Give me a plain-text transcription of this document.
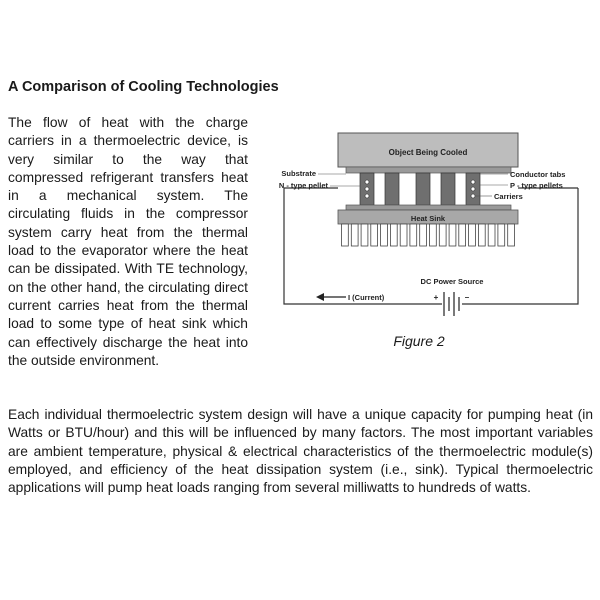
A Comparison of Cooling Technologies

The flow of heat with the charge carriers in a thermoelectric device, is very similar to the way that compressed refrigerant transfers heat in a mechanical system. The circulating fluids in the compressor system carry heat from the thermal load to the evaporator where the heat can be dissipated. With TE technology, on the other hand, the circulating direct current carries heat from the thermal load to some type of heat sink which can effectively discharge the heat into the outside environment.

Object Being Cooled
Heat Sink
DC Power Source
+	–
I (Current)
Substrate
N - type pellet
Conductor tabs
P - type pellets
Carriers
Figure 2

Each individual thermoelectric system design will have a unique capacity for pumping heat (in Watts or BTU/hour) and this will be influenced by many factors. The most important variables are ambient temperature, physical & electrical characteristics of the thermoelectric module(s) employed, and efficiency of the heat dissipation system (i.e., sink). Typical thermoelectric applications will pump heat loads ranging from several milliwatts to hundreds of watts.
